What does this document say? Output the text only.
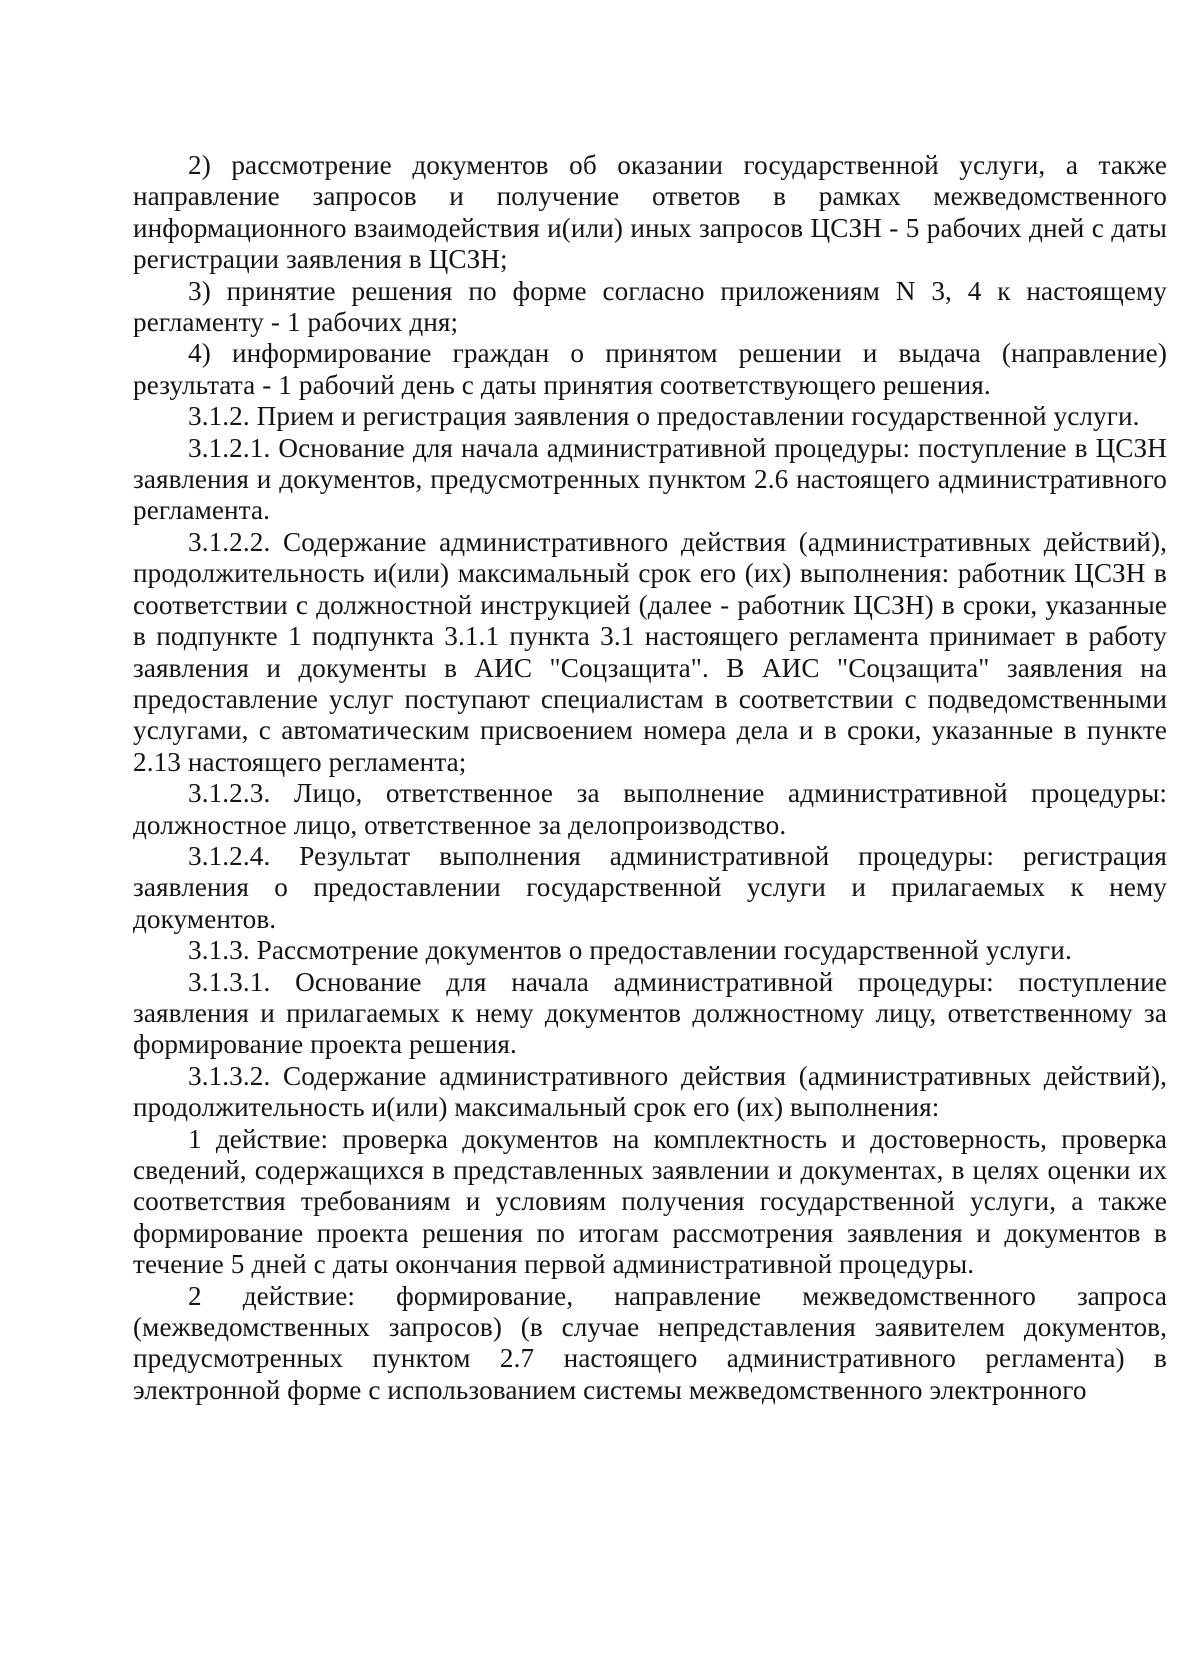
2) рассмотрение документов об оказании государственной услуги, а также направление запросов и получение ответов в рамках межведомственного информационного взаимодействия и(или) иных запросов ЦСЗН - 5 рабочих дней с даты регистрации заявления в ЦСЗН;

3) принятие решения по форме согласно приложениям N 3, 4 к настоящему регламенту - 1 рабочих дня;

4) информирование граждан о принятом решении и выдача (направление) результата - 1 рабочий день с даты принятия соответствующего решения.

3.1.2. Прием и регистрация заявления о предоставлении государственной услуги.

3.1.2.1. Основание для начала административной процедуры: поступление в ЦСЗН заявления и документов, предусмотренных пунктом 2.6 настоящего административного регламента.

3.1.2.2. Содержание административного действия (административных действий), продолжительность и(или) максимальный срок его (их) выполнения: работник ЦСЗН в соответствии с должностной инструкцией (далее - работник ЦСЗН) в сроки, указанные в подпункте 1 подпункта 3.1.1 пункта 3.1 настоящего регламента принимает в работу заявления и документы в АИС "Соцзащита". В АИС "Соцзащита" заявления на предоставление услуг поступают специалистам в соответствии с подведомственными услугами, с автоматическим присвоением номера дела и в сроки, указанные в пункте 2.13 настоящего регламента;

3.1.2.3. Лицо, ответственное за выполнение административной процедуры: должностное лицо, ответственное за делопроизводство.

3.1.2.4. Результат выполнения административной процедуры: регистрация заявления о предоставлении государственной услуги и прилагаемых к нему документов.

3.1.3. Рассмотрение документов о предоставлении государственной услуги.

3.1.3.1. Основание для начала административной процедуры: поступление заявления и прилагаемых к нему документов должностному лицу, ответственному за формирование проекта решения.

3.1.3.2. Содержание административного действия (административных действий), продолжительность и(или) максимальный срок его (их) выполнения:

1 действие: проверка документов на комплектность и достоверность, проверка сведений, содержащихся в представленных заявлении и документах, в целях оценки их соответствия требованиям и условиям получения государственной услуги, а также формирование проекта решения по итогам рассмотрения заявления и документов в течение 5 дней с даты окончания первой административной процедуры.

2 действие: формирование, направление межведомственного запроса (межведомственных запросов) (в случае непредставления заявителем документов, предусмотренных пунктом 2.7 настоящего административного регламента) в электронной форме с использованием системы межведомственного электронного
